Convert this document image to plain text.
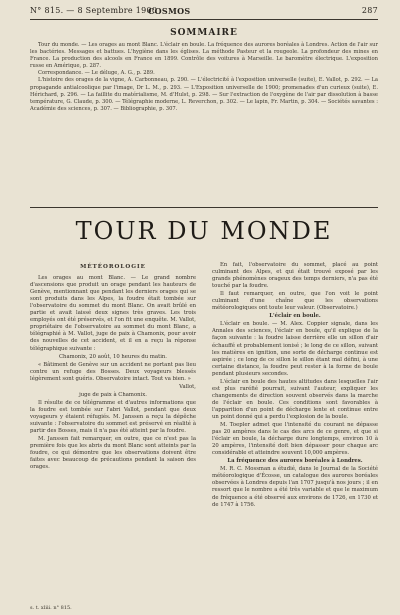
N° 815. — 8 Septembre 1900
COSMOS	287
SOMMAIRE

Tour du monde. — Les orages au mont Blanc. L'éclair en boule. La fréquence des aurores boréales à Londres. Action de l'air sur les bactéries. Messages et battues. L'hygiène dans les églises. La méthode Pasteur et la rougeole. La profondeur des mines en France. La production des alcools en France en 1899. Contrôle des voitures à Marseille. Le baromètre électrique. L'exposition russe en Amérique, p. 287.

Correspondance. — Le déluge, A. G., p. 289.

L'histoire des orages de la vigne, A. Carbonneau, p. 290. — L'électricité à l'exposition universelle (suite), E. Vallot, p. 292. — La propagande antialcoolique par l'image, Dr L. M., p. 293. — L'Exposition universelle de 1900; promenades d'un curieux (suite), E. Hérichard, p. 296. — La faillite du matérialisme, M. d'Hulst, p. 298. — Sur l'extraction de l'oxygène de l'air par dissolution à basse température, G. Claude, p. 300. — Télégraphie moderne, L. Reverchon, p. 302. — Le lapin, Fr. Martin, p. 304. — Sociétés savantes : Académie des sciences, p. 307. — Bibliographie, p. 307.

TOUR DU MONDE
MÉTÉOROLOGIE

Les orages au mont Blanc. — Le grand nombre d'ascensions que produit un orage pendant les hauteurs de Genève, mentionnant que pendant les derniers orages qui se sont produits dans les Alpes, la foudre était tombée sur l'observatoire du sommet du mont Blanc. On avait brûlé en partie et avait laissé deux signes très graves. Les trois employés ont été préservés, et l'on fit une enquête. M. Vallot, propriétaire de l'observatoire au sommet du mont Blanc, a télégraphié à M. Vallot, juge de paix à Chamonix, pour avoir des nouvelles de cet accident, et il en a reçu la réponse télégraphique suivante :

Chamonix, 20 août, 10 heures du matin.

« Bâtiment de Genève sur un accident ne portant pas lieu contre un refuge des Bosses. Deux voyageurs blessés légèrement sont guéris. Observatoire intact. Tout va bien. »

Vallot,

juge de paix à Chamonix.

Il résulte de ce télégramme et d'autres informations que la foudre est tombée sur l'abri Vallot, pendant que deux voyageurs y étaient réfugiés. M. Janssen a reçu la dépêche suivante : l'observatoire du sommet est préservé en réalité à partir des Bosses, mais il n'a pas été atteint par la foudre.

M. Janssen fait remarquer, en outre, que ce n'est pas la première fois que les abris du mont Blanc sont atteints par la foudre, ce qui démontre que les observations doivent être faites avec beaucoup de précautions pendant la saison des orages.

En fait, l'observatoire du sommet, placé au point culminant des Alpes, et qui était trouvé exposé par les grands phénomènes orageux des temps derniers, n'a pas été touché par la foudre.

Il faut remarquer, en outre, que l'on voit le point culminant d'une chaîne que les observations météorologiques ont toute leur valeur. (Observatoire.)

L'éclair en boule.

L'éclair en boule. — M. Alex. Coppier signale, dans les Annales des sciences, l'éclair en boule, qu'il explique de la façon suivante : la foudre laisse derrière elle un sillon d'air échauffé et probablement ionisé ; le long de ce sillon, suivant les matières en ignition, une sorte de décharge continue est aspirée ; ce long de ce sillon le sillon étant mal défini, à une certaine distance, la foudre peut rester à la forme de boule pendant plusieurs secondes.

L'éclair en boule des hautes altitudes dans lesquelles l'air est plus raréfié pourrait, suivant l'auteur, expliquer les changements de direction souvent observés dans la marche de l'éclair en boule. Ces conditions sont favorables à l'apparition d'un point de décharge lente et continue entre un point donné qui a perdu l'explosion de la boule.

M. Toepler admet que l'intensité du courant ne dépasse pas 20 ampères dans le cas des arcs de ce genre, et que si l'éclair en boule, la décharge dure longtemps, environ 10 à 20 ampères, l'intensité doit bien dépasser pour chaque arc considérable et atteindre souvent 10,000 ampères.

La fréquence des aurores boréales à Londres.

M. R. C. Mossman a étudié, dans le Journal de la Société météorologique d'Écosse, un catalogue des aurores boréales observées à Londres depuis l'an 1707 jusqu'à nos jours ; il en ressort que le nombre a été très variable et que le maximum de fréquence a été observé aux environs de 1726, en 1730 et de 1747 à 1756.

s. t. xliii. n° 815.
